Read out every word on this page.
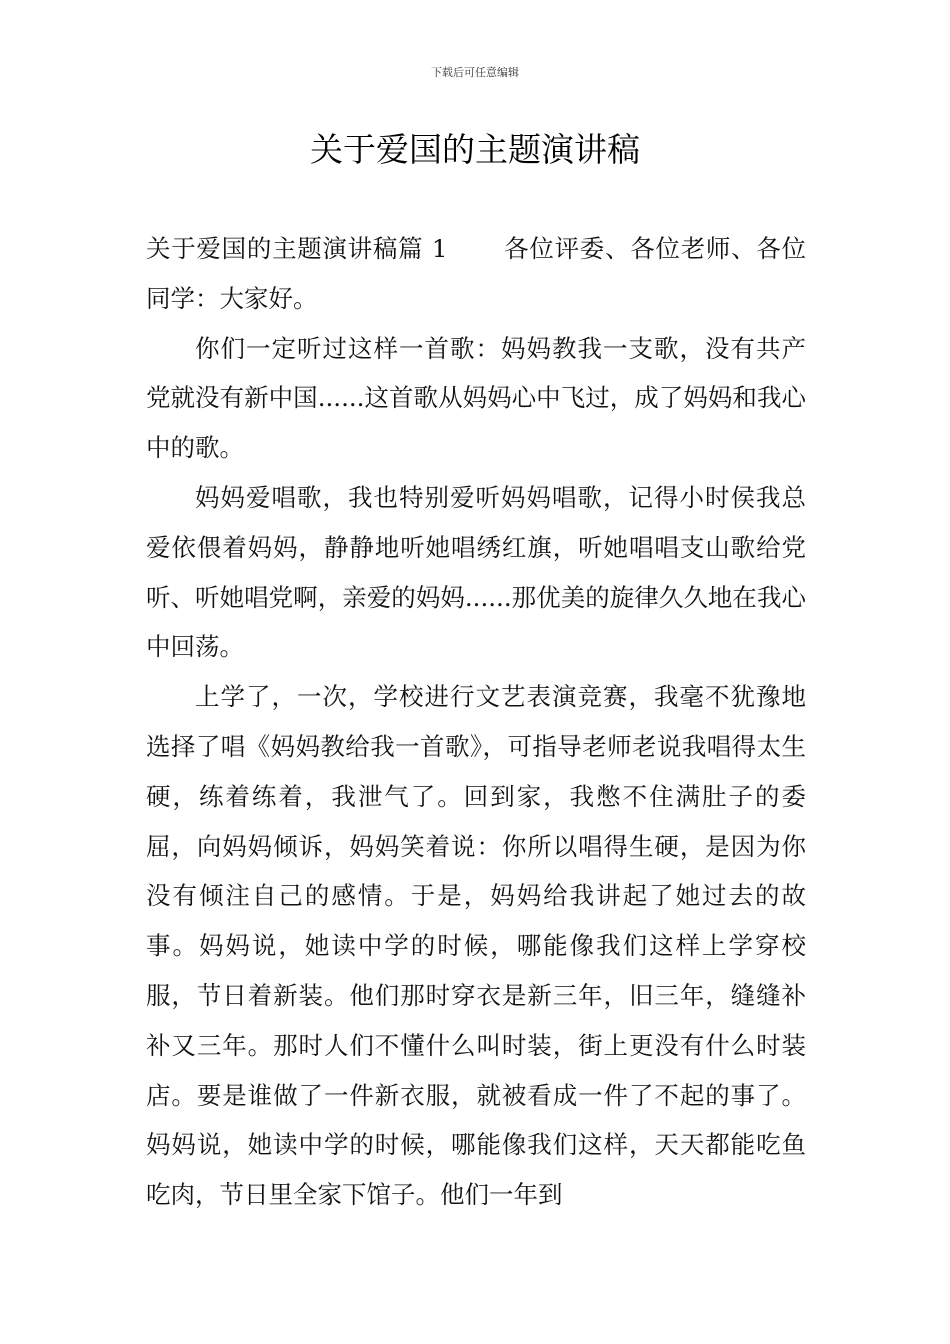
下载后可任意编辑
关于爱国的主题演讲稿

关于爱国的主题演讲稿篇 1 各位评委、各位老师、各位同学：大家好。

你们一定听过这样一首歌：妈妈教我一支歌，没有共产党就没有新中国......这首歌从妈妈心中飞过，成了妈妈和我心中的歌。

妈妈爱唱歌，我也特别爱听妈妈唱歌，记得小时侯我总爱依偎着妈妈，静静地听她唱绣红旗，听她唱唱支山歌给党听、听她唱党啊，亲爱的妈妈......那优美的旋律久久地在我心中回荡。

上学了，一次，学校进行文艺表演竞赛，我毫不犹豫地选择了唱《妈妈教给我一首歌》，可指导老师老说我唱得太生硬，练着练着，我泄气了。回到家，我憋不住满肚子的委屈，向妈妈倾诉，妈妈笑着说：你所以唱得生硬，是因为你没有倾注自己的感情。于是，妈妈给我讲起了她过去的故事。妈妈说，她读中学的时候，哪能像我们这样上学穿校服，节日着新装。他们那时穿衣是新三年，旧三年，缝缝补补又三年。那时人们不懂什么叫时装，街上更没有什么时装店。要是谁做了一件新衣服，就被看成一件了不起的事了。妈妈说，她读中学的时候，哪能像我们这样，天天都能吃鱼吃肉，节日里全家下馆子。他们一年到
